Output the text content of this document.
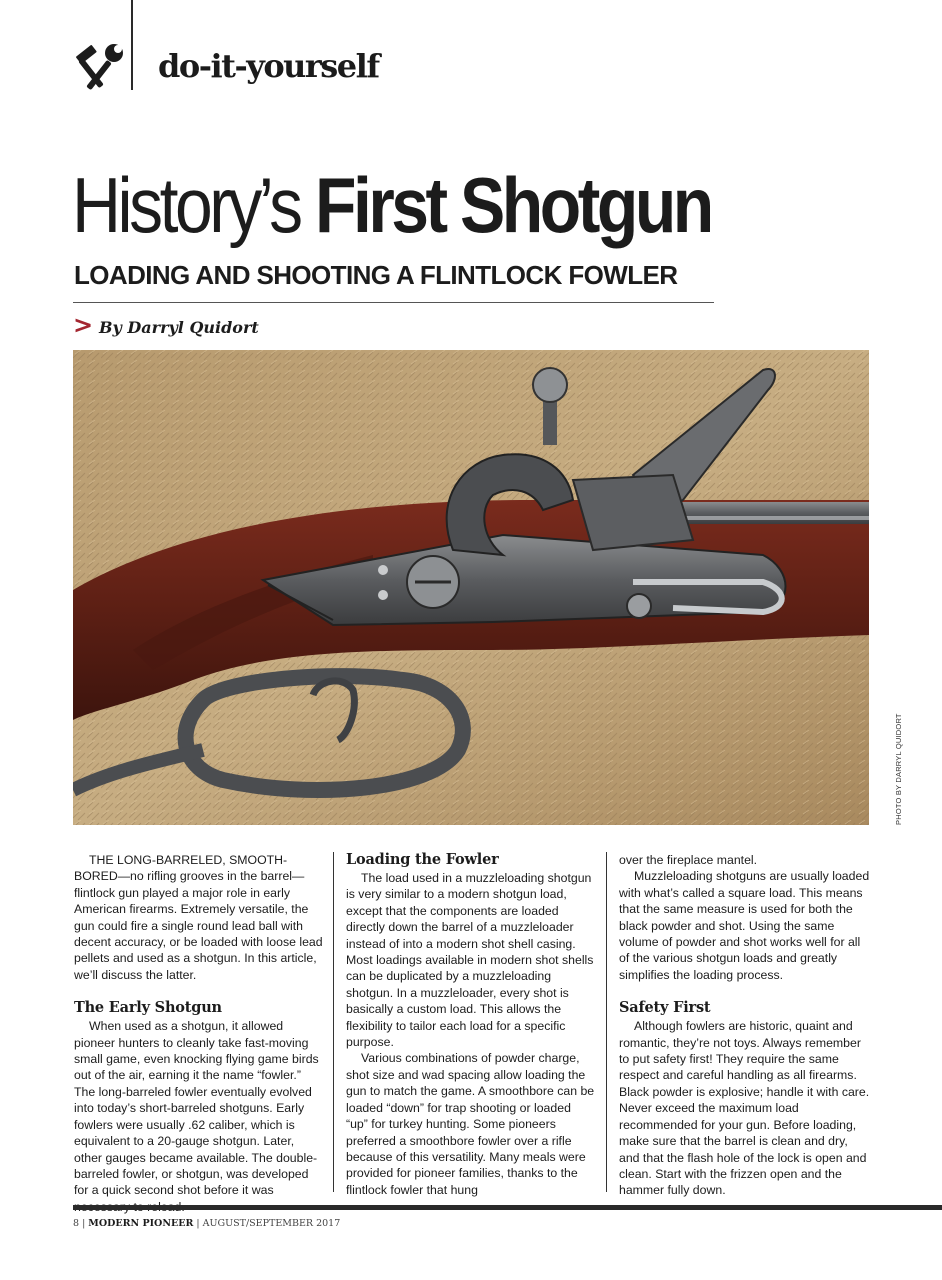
do-it-yourself
History’s First Shotgun
LOADING AND SHOOTING A FLINTLOCK FOWLER
> By Darryl Quidort

PHOTO BY DARRYL QUIDORT

THE LONG-BARRELED, SMOOTH-BORED—no rifling grooves in the barrel—flintlock gun played a major role in early American firearms. Extremely versatile, the gun could fire a single round lead ball with decent accuracy, or be loaded with loose lead pellets and used as a shotgun. In this article, we’ll discuss the latter.

The Early Shotgun

When used as a shotgun, it allowed pioneer hunters to cleanly take fast-moving small game, even knocking flying game birds out of the air, earning it the name “fowler.” The long-barreled fowler eventually evolved into today’s short-barreled shotguns. Early fowlers were usually .62 caliber, which is equivalent to a 20-gauge shotgun. Later, other gauges became available. The double-barreled fowler, or shotgun, was developed for a quick second shot before it was

Loading the Fowler

The load used in a muzzleloading shotgun is very similar to a modern shotgun load, except that the components are loaded directly down the barrel of a muzzleloader instead of into a modern shot shell casing. Most loadings available in modern shot shells can be duplicated by a muzzleloading shotgun. In a muzzleloader, every shot is basically a custom load. This allows the flexibility to tailor each load for a specific purpose.

Various combinations of powder charge, shot size and wad spacing allow loading the gun to match the game. A smoothbore can be loaded “down” for trap shooting or loaded “up” for turkey hunting. Some pioneers preferred a smoothbore fowler over a rifle because of this versatility. Many meals were provided for pioneer families, thanks to the flintlock fowler that hung

over the fireplace mantel.

Muzzleloading shotguns are usually loaded with what’s called a square load. This means that the same measure is used for both the black powder and shot. Using the same volume of powder and shot works well for all of the various shotgun loads and greatly simplifies the loading process.

Safety First

Although fowlers are historic, quaint and romantic, they’re not toys. Always remember to put safety first! They require the same respect and careful handling as all firearms. Black powder is explosive; handle it with care. Never exceed the maximum load recommended for your gun. Before loading, make sure that the barrel is clean and dry, and that the flash hole of the lock is open and clean. Start with the frizzen open and the hammer fully down.

8 | MODERN PIONEER | AUGUST/SEPTEMBER 2017
